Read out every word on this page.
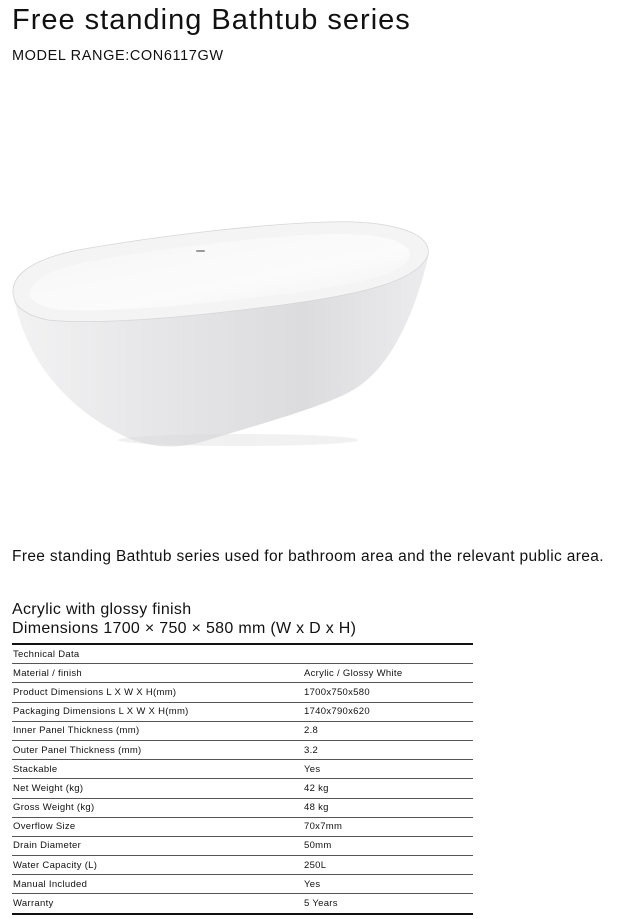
Free standing Bathtub series
MODEL RANGE:CON6117GW
Free standing Bathtub series used for bathroom area and the relevant public area.
Acrylic with glossy finish
Dimensions 1700 × 750 × 580 mm (W x D x H)
Technical Data	
Material / finish	Acrylic / Glossy White
Product Dimensions L X W X H(mm)	1700x750x580
Packaging Dimensions L X W X H(mm)	1740x790x620
Inner Panel Thickness (mm)	2.8
Outer Panel Thickness (mm)	3.2
Stackable	Yes
Net Weight (kg)	42 kg
Gross Weight (kg)	48 kg
Overflow Size	70x7mm
Drain Diameter	50mm
Water Capacity (L)	250L
Manual Included	Yes
Warranty	5 Years
